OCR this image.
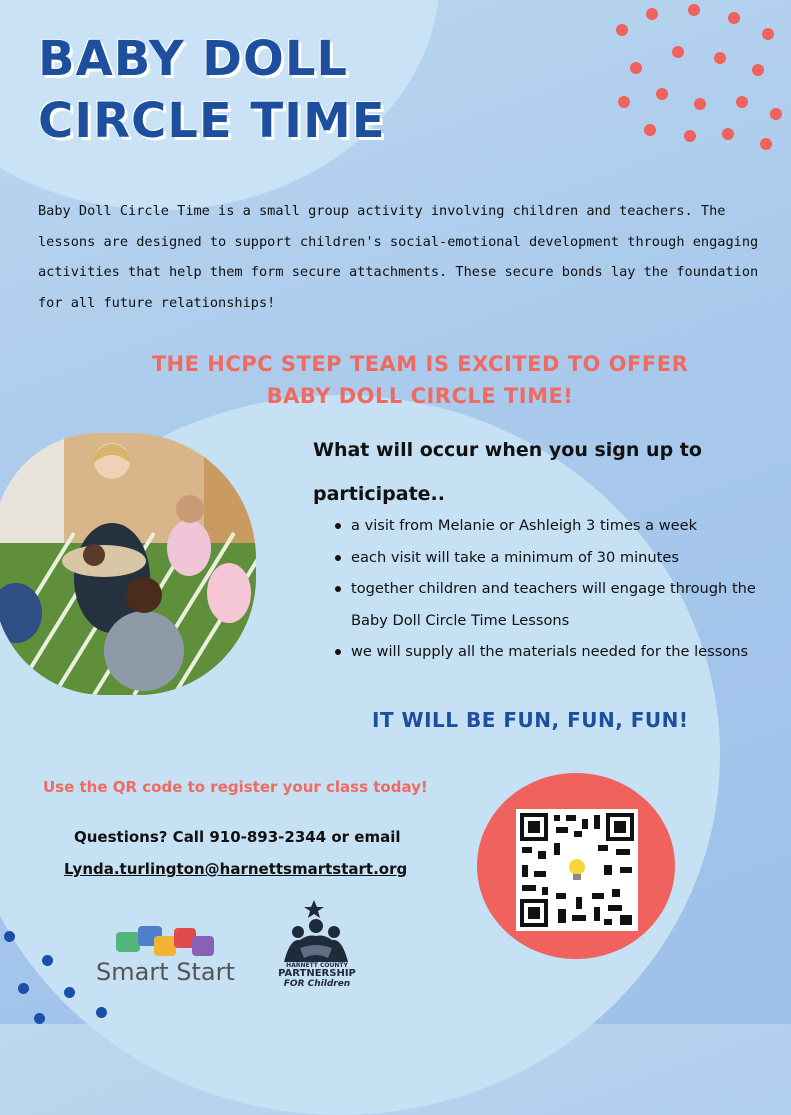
BABY DOLL
CIRCLE TIME

Baby Doll Circle Time is a small group activity involving children and teachers. The lessons are designed to support children's social-emotional development through engaging activities that help them form secure attachments. These secure bonds lay the foundation for all future relationships!

THE HCPC STEP TEAM IS EXCITED TO OFFER
BABY DOLL CIRCLE TIME!

What will occur when you sign up to participate..

a visit from Melanie or Ashleigh 3 times a week
each visit will take a minimum of 30 minutes
together children and teachers will engage through the Baby Doll Circle Time Lessons
we will supply all the materials needed for the lessons
IT WILL BE FUN, FUN, FUN!
Use the QR code to register your class today!
Questions? Call 910-893-2344 or email
Lynda.turlington@harnettsmartstart.org
Smart Start	HARNETT COUNTY
PARTNERSHIP
FOR Children
